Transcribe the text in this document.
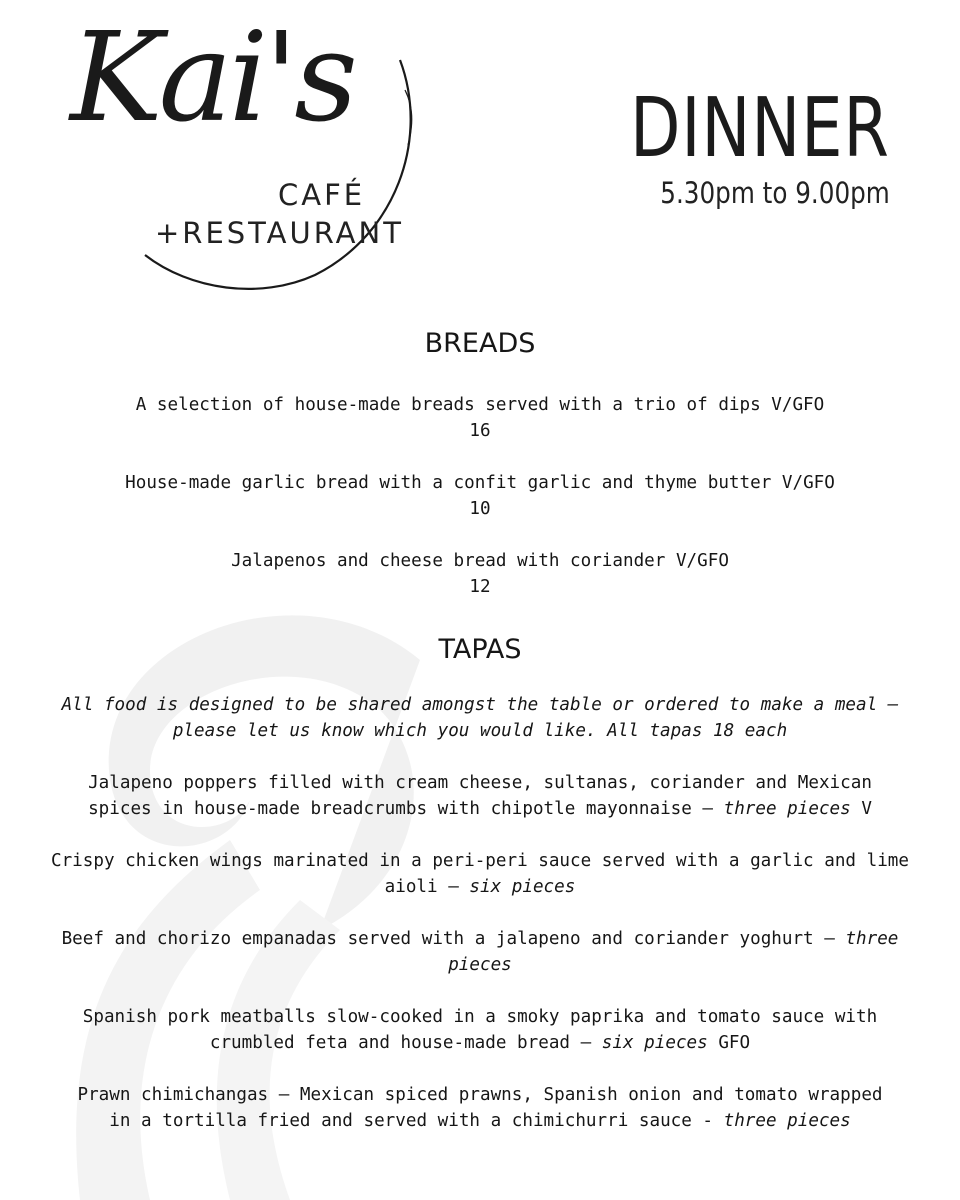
Kai's
CAFÉ
+RESTAURANT
DINNER
5.30pm to 9.00pm
BREADS
A selection of house-made breads served with a trio of dips V/GFO
16
House-made garlic bread with a confit garlic and thyme butter V/GFO
10
Jalapenos and cheese bread with coriander V/GFO
12
TAPAS
All food is designed to be shared amongst the table or ordered to make a meal –
please let us know which you would like. All tapas 18 each
Jalapeno poppers filled with cream cheese, sultanas, coriander and Mexican
spices in house-made breadcrumbs with chipotle mayonnaise – three pieces V
Crispy chicken wings marinated in a peri-peri sauce served with a garlic and lime
aioli – six pieces
Beef and chorizo empanadas served with a jalapeno and coriander yoghurt – three
pieces
Spanish pork meatballs slow-cooked in a smoky paprika and tomato sauce with
crumbled feta and house-made bread – six pieces GFO
Prawn chimichangas – Mexican spiced prawns, Spanish onion and tomato wrapped
in a tortilla fried and served with a chimichurri sauce - three pieces
